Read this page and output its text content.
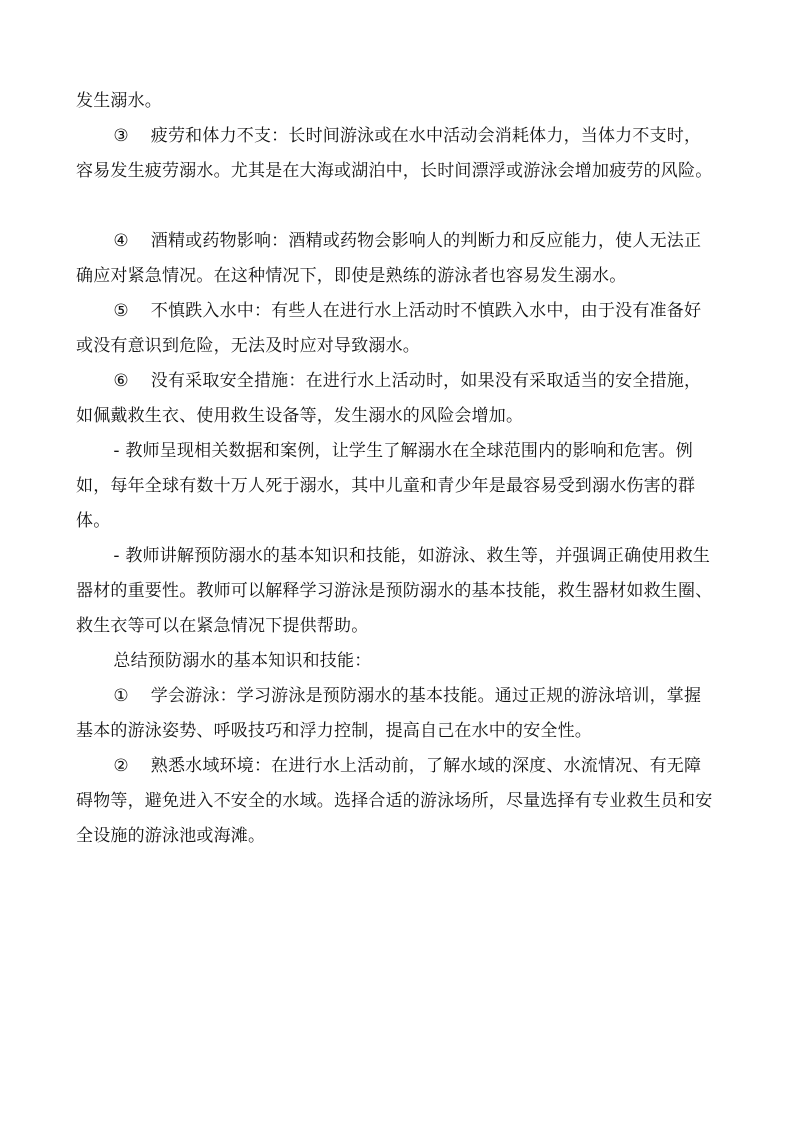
发生溺水。

③ 疲劳和体力不支：长时间游泳或在水中活动会消耗体力，当体力不支时，容易发生疲劳溺水。尤其是在大海或湖泊中，长时间漂浮或游泳会增加疲劳的风险。

④ 酒精或药物影响：酒精或药物会影响人的判断力和反应能力，使人无法正确应对紧急情况。在这种情况下，即使是熟练的游泳者也容易发生溺水。

⑤ 不慎跌入水中：有些人在进行水上活动时不慎跌入水中，由于没有准备好或没有意识到危险，无法及时应对导致溺水。

⑥ 没有采取安全措施：在进行水上活动时，如果没有采取适当的安全措施，如佩戴救生衣、使用救生设备等，发生溺水的风险会增加。

- 教师呈现相关数据和案例，让学生了解溺水在全球范围内的影响和危害。例如，每年全球有数十万人死于溺水，其中儿童和青少年是最容易受到溺水伤害的群体。

- 教师讲解预防溺水的基本知识和技能，如游泳、救生等，并强调正确使用救生器材的重要性。教师可以解释学习游泳是预防溺水的基本技能，救生器材如救生圈、救生衣等可以在紧急情况下提供帮助。

总结预防溺水的基本知识和技能：

① 学会游泳：学习游泳是预防溺水的基本技能。通过正规的游泳培训，掌握基本的游泳姿势、呼吸技巧和浮力控制，提高自己在水中的安全性。

② 熟悉水域环境：在进行水上活动前，了解水域的深度、水流情况、有无障碍物等，避免进入不安全的水域。选择合适的游泳场所，尽量选择有专业救生员和安全设施的游泳池或海滩。
